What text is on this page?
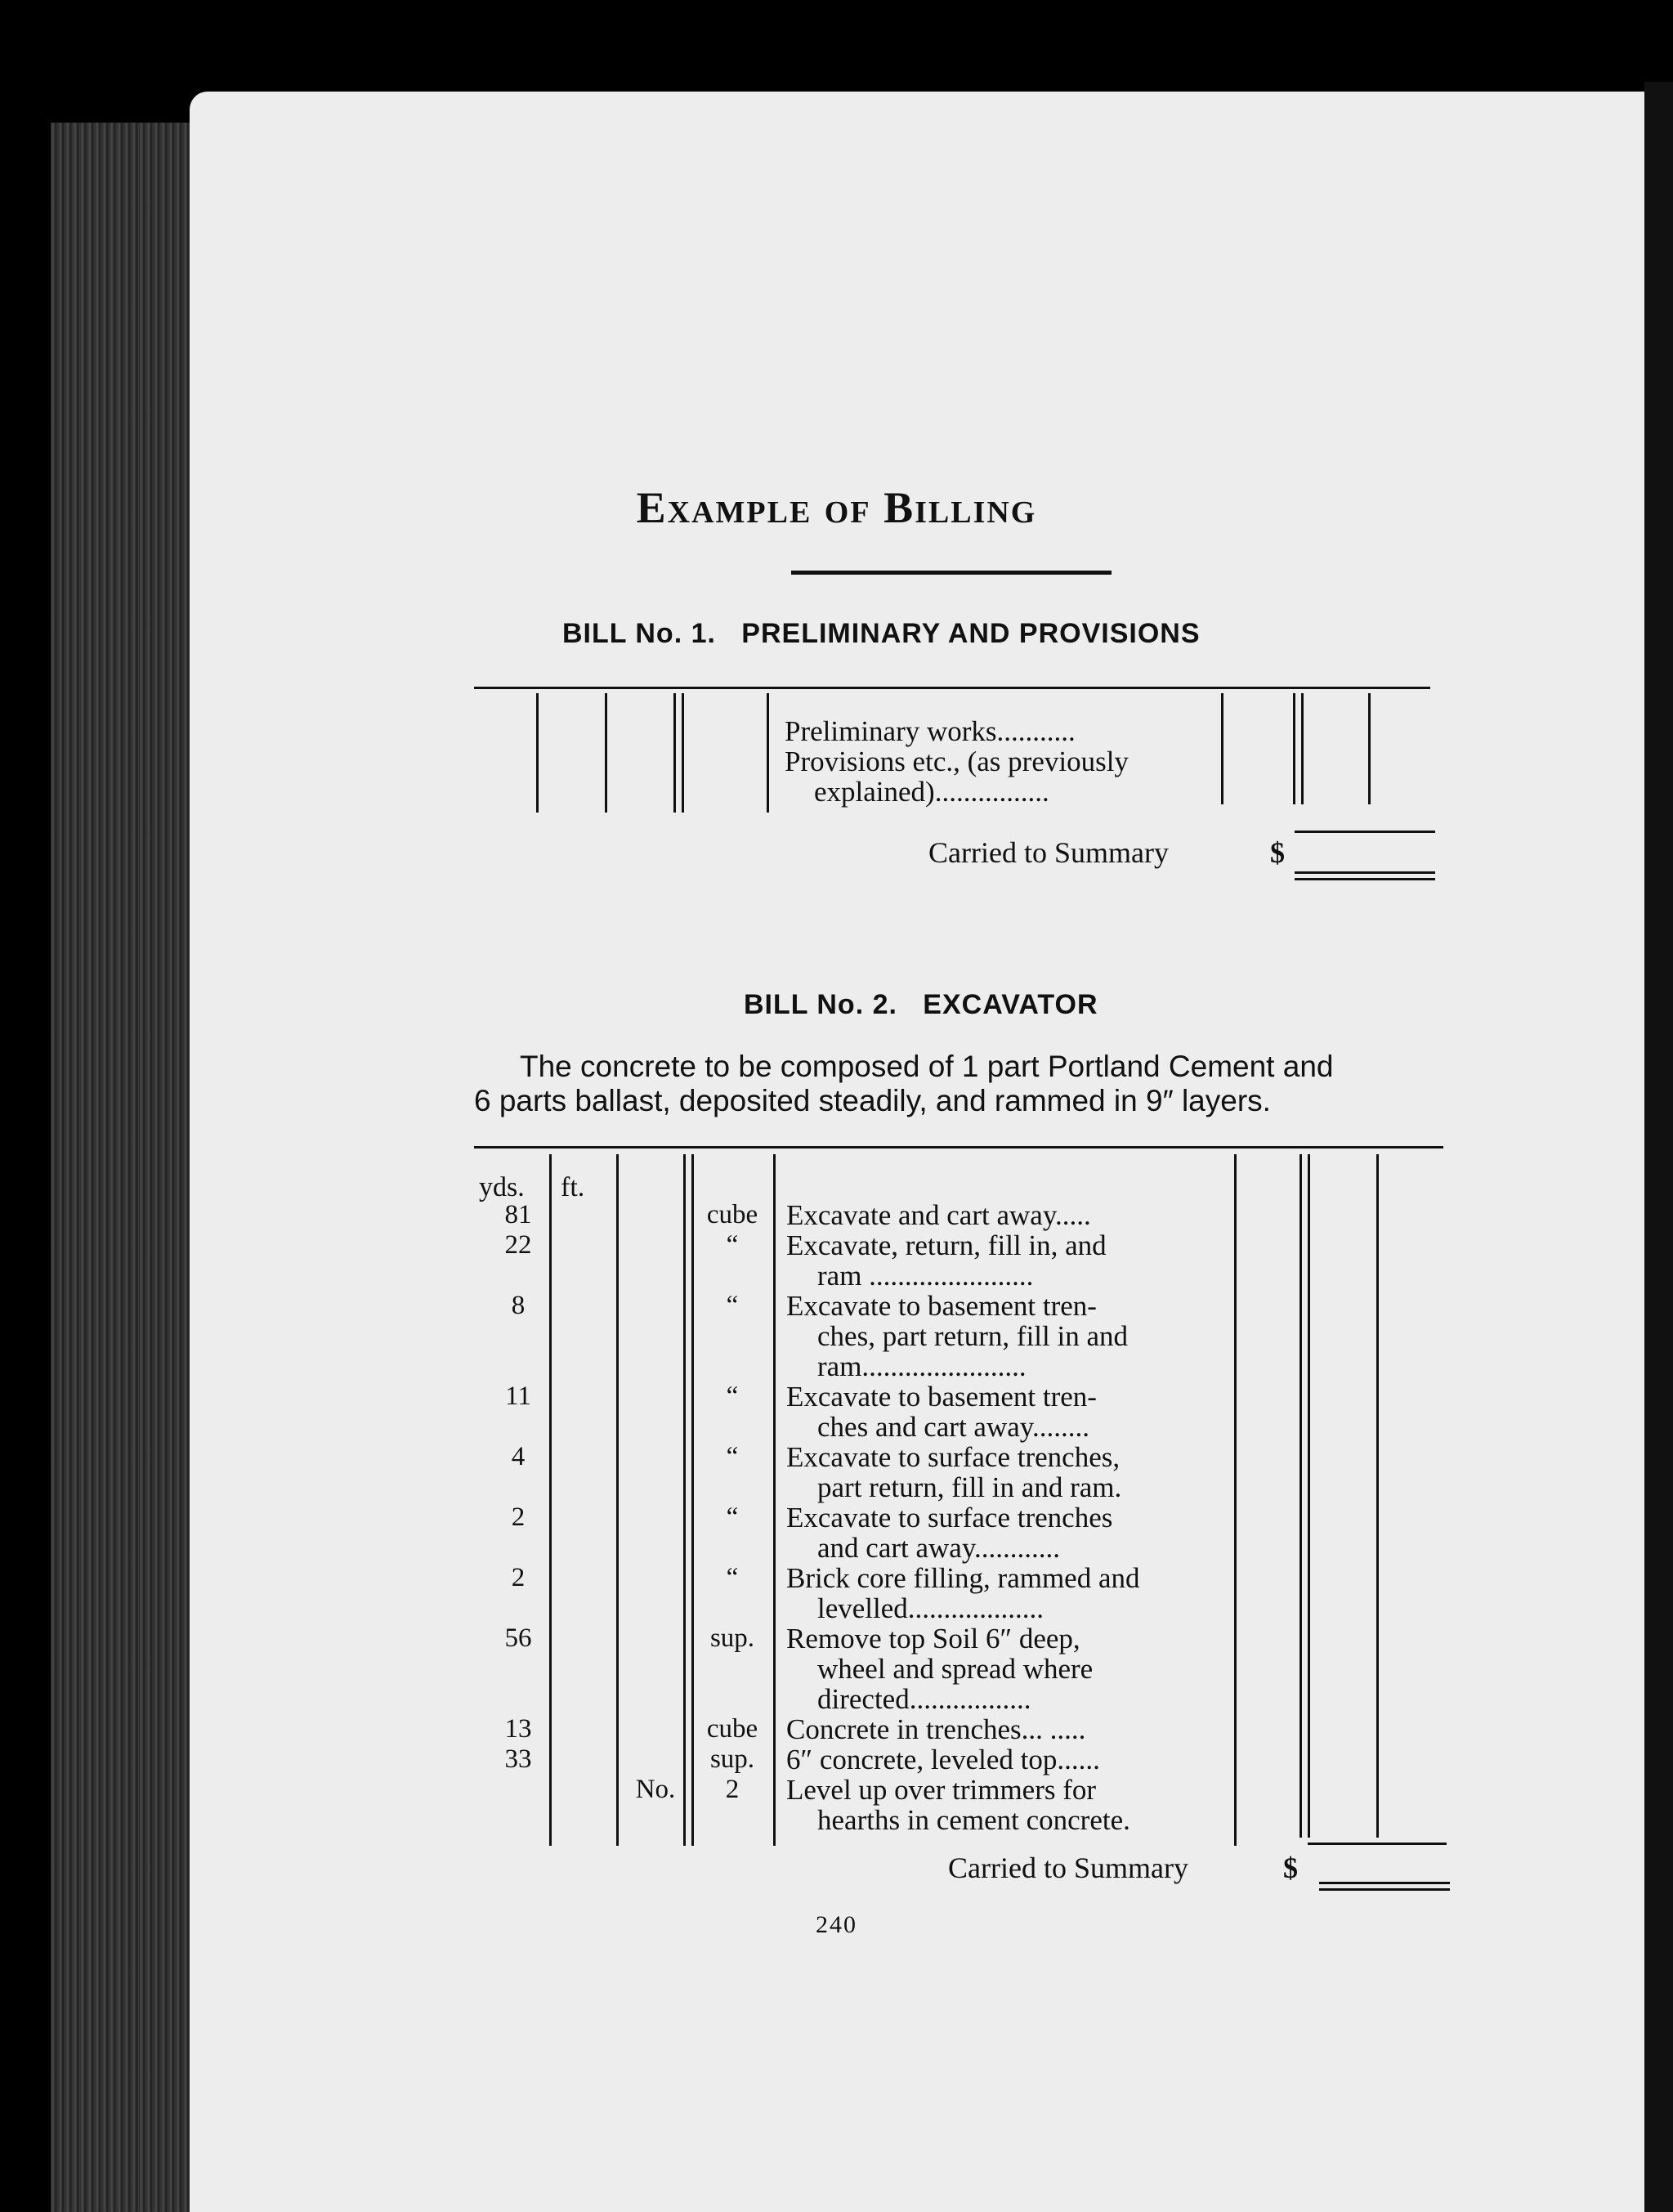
Example of Billing
BILL No. 1.   PRELIMINARY AND PROVISIONS
Preliminary works...........
Provisions etc., (as previously
explained)................
Carried to Summary	$
BILL No. 2.   EXCAVATOR
The concrete to be composed of 1 part Portland Cement and
6 parts ballast, deposited steadily, and rammed in 9″ layers.
yds. ft.
81	cube Excavate and cart away.....
22	“	Excavate, return, fill in, and
ram .......................
8	“	Excavate to basement tren-
ches, part return, fill in and
ram.......................
11	“	Excavate to basement tren-
ches and cart away........
4	“	Excavate to surface trenches,
part return, fill in and ram.
2	“	Excavate to surface trenches
and cart away............
2	“	Brick core filling, rammed and
levelled...................
56	sup.	Remove top Soil 6″ deep,
wheel and spread where
directed.................
13	cube Concrete in trenches... .....
33	sup.	6″ concrete, leveled top......
No.	2	Level up over trimmers for
hearths in cement concrete.
Carried to Summary	$
240
